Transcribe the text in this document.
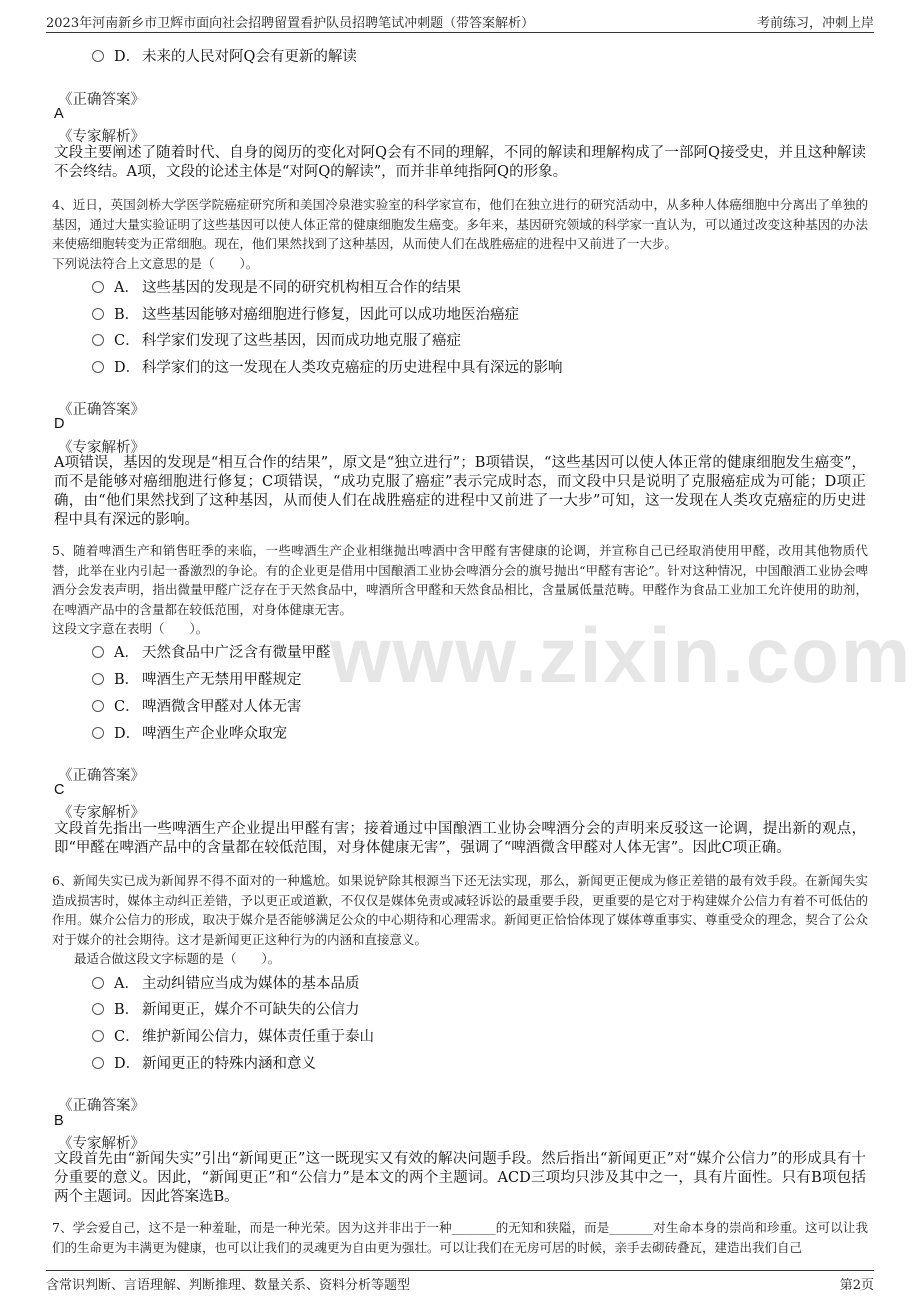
2023年河南新乡市卫辉市面向社会招聘留置看护队员招聘笔试冲刺题（带答案解析）	考前练习，冲刺上岸
www.zixin.com
D． 未来的人民对阿Q会有更新的解读
《正确答案》
A
《专家解析》
文段主要阐述了随着时代、自身的阅历的变化对阿Q会有不同的理解，不同的解读和理解构成了一部阿Q接受史，并且这种解读不会终结。A项，文段的论述主体是“对阿Q的解读”，而并非单纯指阿Q的形象。
4、近日，英国剑桥大学医学院癌症研究所和美国冷泉港实验室的科学家宣布，他们在独立进行的研究活动中，从多种人体癌细胞中分离出了单独的基因，通过大量实验证明了这些基因可以使人体正常的健康细胞发生癌变。多年来，基因研究领域的科学家一直认为，可以通过改变这种基因的办法来使癌细胞转变为正常细胞。现在，他们果然找到了这种基因，从而使人们在战胜癌症的进程中又前进了一大步。
下列说法符合上文意思的是（　　）。
A． 这些基因的发现是不同的研究机构相互合作的结果
B． 这些基因能够对癌细胞进行修复，因此可以成功地医治癌症
C． 科学家们发现了这些基因，因而成功地克服了癌症
D． 科学家们的这一发现在人类攻克癌症的历史进程中具有深远的影响
《正确答案》
D
《专家解析》
A项错误，基因的发现是“相互合作的结果”，原文是“独立进行”；B项错误，“这些基因可以使人体正常的健康细胞发生癌变”，而不是能够对癌细胞进行修复；C项错误，“成功克服了癌症”表示完成时态，而文段中只是说明了克服癌症成为可能；D项正确，由“他们果然找到了这种基因，从而使人们在战胜癌症的进程中又前进了一大步”可知，这一发现在人类攻克癌症的历史进程中具有深远的影响。
5、随着啤酒生产和销售旺季的来临，一些啤酒生产企业相继抛出啤酒中含甲醛有害健康的论调，并宣称自己已经取消使用甲醛，改用其他物质代替，此举在业内引起一番激烈的争论。有的企业更是借用中国酿酒工业协会啤酒分会的旗号抛出“甲醛有害论”。针对这种情况，中国酿酒工业协会啤酒分会发表声明，指出微量甲醛广泛存在于天然食品中，啤酒所含甲醛和天然食品相比，含量属低量范畴。甲醛作为食品工业加工允许使用的助剂，在啤酒产品中的含量都在较低范围，对身体健康无害。
这段文字意在表明（　　）。
A． 天然食品中广泛含有微量甲醛
B． 啤酒生产无禁用甲醛规定
C． 啤酒微含甲醛对人体无害
D． 啤酒生产企业哗众取宠
《正确答案》
C
《专家解析》
文段首先指出一些啤酒生产企业提出甲醛有害；接着通过中国酿酒工业协会啤酒分会的声明来反驳这一论调，提出新的观点，即“甲醛在啤酒产品中的含量都在较低范围，对身体健康无害”，强调了“啤酒微含甲醛对人体无害”。因此C项正确。
6、新闻失实已成为新闻界不得不面对的一种尴尬。如果说铲除其根源当下还无法实现，那么，新闻更正便成为修正差错的最有效手段。在新闻失实造成损害时，媒体主动纠正差错，予以更正或道歉，不仅仅是媒体免责或减轻诉讼的最重要手段，更重要的是它对于构建媒介公信力有着不可低估的作用。媒介公信力的形成，取决于媒介是否能够满足公众的中心期待和心理需求。新闻更正恰恰体现了媒体尊重事实、尊重受众的理念，契合了公众对于媒介的社会期待。这才是新闻更正这种行为的内涵和直接意义。
最适合做这段文字标题的是（　　）。
A． 主动纠错应当成为媒体的基本品质
B． 新闻更正，媒介不可缺失的公信力
C． 维护新闻公信力，媒体责任重于泰山
D． 新闻更正的特殊内涵和意义
《正确答案》
B
《专家解析》
文段首先由“新闻失实”引出“新闻更正”这一既现实又有效的解决问题手段。然后指出“新闻更正”对“媒介公信力”的形成具有十分重要的意义。因此，“新闻更正”和“公信力”是本文的两个主题词。ACD三项均只涉及其中之一，具有片面性。只有B项包括两个主题词。因此答案选B。
7、学会爱自己，这不是一种羞耻，而是一种光荣。因为这并非出于一种_______的无知和狭隘，而是_______对生命本身的崇尚和珍重。这可以让我们的生命更为丰满更为健康，也可以让我们的灵魂更为自由更为强壮。可以让我们在无房可居的时候，亲手去砌砖叠瓦，建造出我们自己
含常识判断、言语理解、判断推理、数量关系、资料分析等题型	第2页
